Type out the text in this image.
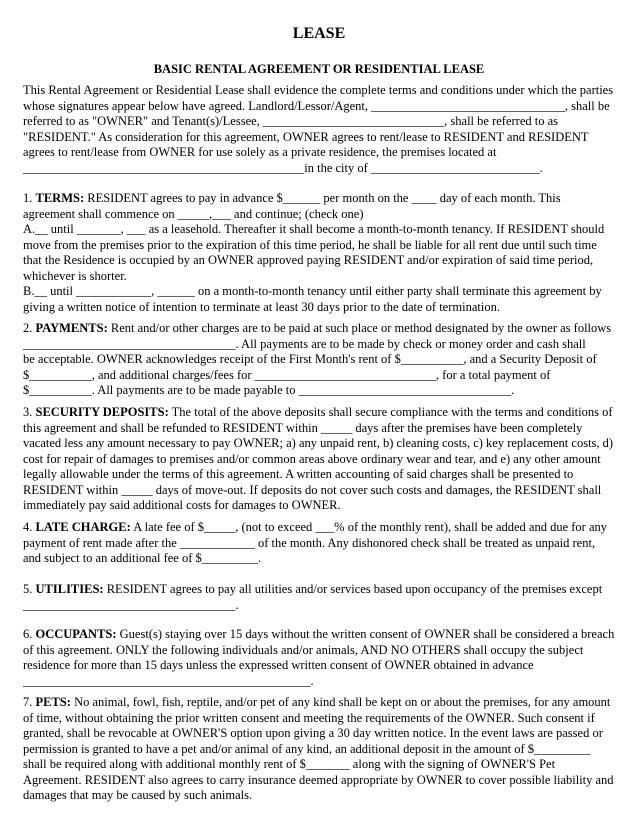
LEASE
BASIC RENTAL AGREEMENT OR RESIDENTIAL LEASE
This Rental Agreement or Residential Lease shall evidence the complete terms and conditions under which the parties
whose signatures appear below have agreed. Landlord/Lessor/Agent, _______________________________, shall be
referred to as "OWNER" and Tenant(s)/Lessee, _____________________________, shall be referred to as
"RESIDENT." As consideration for this agreement, OWNER agrees to rent/lease to RESIDENT and RESIDENT
agrees to rent/lease from OWNER for use solely as a private residence, the premises located at
_____________________________________________in the city of ___________________________.
1. TERMS: RESIDENT agrees to pay in advance $______ per month on the ____ day of each month. This
agreement shall commence on _____,___ and continue; (check one)
A.__ until _______, ___ as a leasehold. Thereafter it shall become a month-to-month tenancy. If RESIDENT should
move from the premises prior to the expiration of this time period, he shall be liable for all rent due until such time
that the Residence is occupied by an OWNER approved paying RESIDENT and/or expiration of said time period,
whichever is shorter.
B.__ until ____________, ______ on a month-to-month tenancy until either party shall terminate this agreement by
giving a written notice of intention to terminate at least 30 days prior to the date of termination.
2. PAYMENTS: Rent and/or other charges are to be paid at such place or method designated by the owner as follows
__________________________________. All payments are to be made by check or money order and cash shall
be acceptable. OWNER acknowledges receipt of the First Month's rent of $__________, and a Security Deposit of
$__________, and additional charges/fees for _____________________________, for a total payment of
$__________. All payments are to be made payable to __________________________________.
3. SECURITY DEPOSITS: The total of the above deposits shall secure compliance with the terms and conditions of
this agreement and shall be refunded to RESIDENT within _____ days after the premises have been completely
vacated less any amount necessary to pay OWNER; a) any unpaid rent, b) cleaning costs, c) key replacement costs, d)
cost for repair of damages to premises and/or common areas above ordinary wear and tear, and e) any other amount
legally allowable under the terms of this agreement. A written accounting of said charges shall be presented to
RESIDENT within _____ days of move-out. If deposits do not cover such costs and damages, the RESIDENT shall
immediately pay said additional costs for damages to OWNER.
4. LATE CHARGE: A late fee of $_____, (not to exceed ___% of the monthly rent), shall be added and due for any
payment of rent made after the ____________ of the month. Any dishonored check shall be treated as unpaid rent,
and subject to an additional fee of $_________.
5. UTILITIES: RESIDENT agrees to pay all utilities and/or services based upon occupancy of the premises except
__________________________________.
6. OCCUPANTS: Guest(s) staying over 15 days without the written consent of OWNER shall be considered a breach
of this agreement. ONLY the following individuals and/or animals, AND NO OTHERS shall occupy the subject
residence for more than 15 days unless the expressed written consent of OWNER obtained in advance
______________________________________________.
7. PETS: No animal, fowl, fish, reptile, and/or pet of any kind shall be kept on or about the premises, for any amount
of time, without obtaining the prior written consent and meeting the requirements of the OWNER. Such consent if
granted, shall be revocable at OWNER'S option upon giving a 30 day written notice. In the event laws are passed or
permission is granted to have a pet and/or animal of any kind, an additional deposit in the amount of $_________
shall be required along with additional monthly rent of $_______ along with the signing of OWNER'S Pet
Agreement. RESIDENT also agrees to carry insurance deemed appropriate by OWNER to cover possible liability and
damages that may be caused by such animals.
